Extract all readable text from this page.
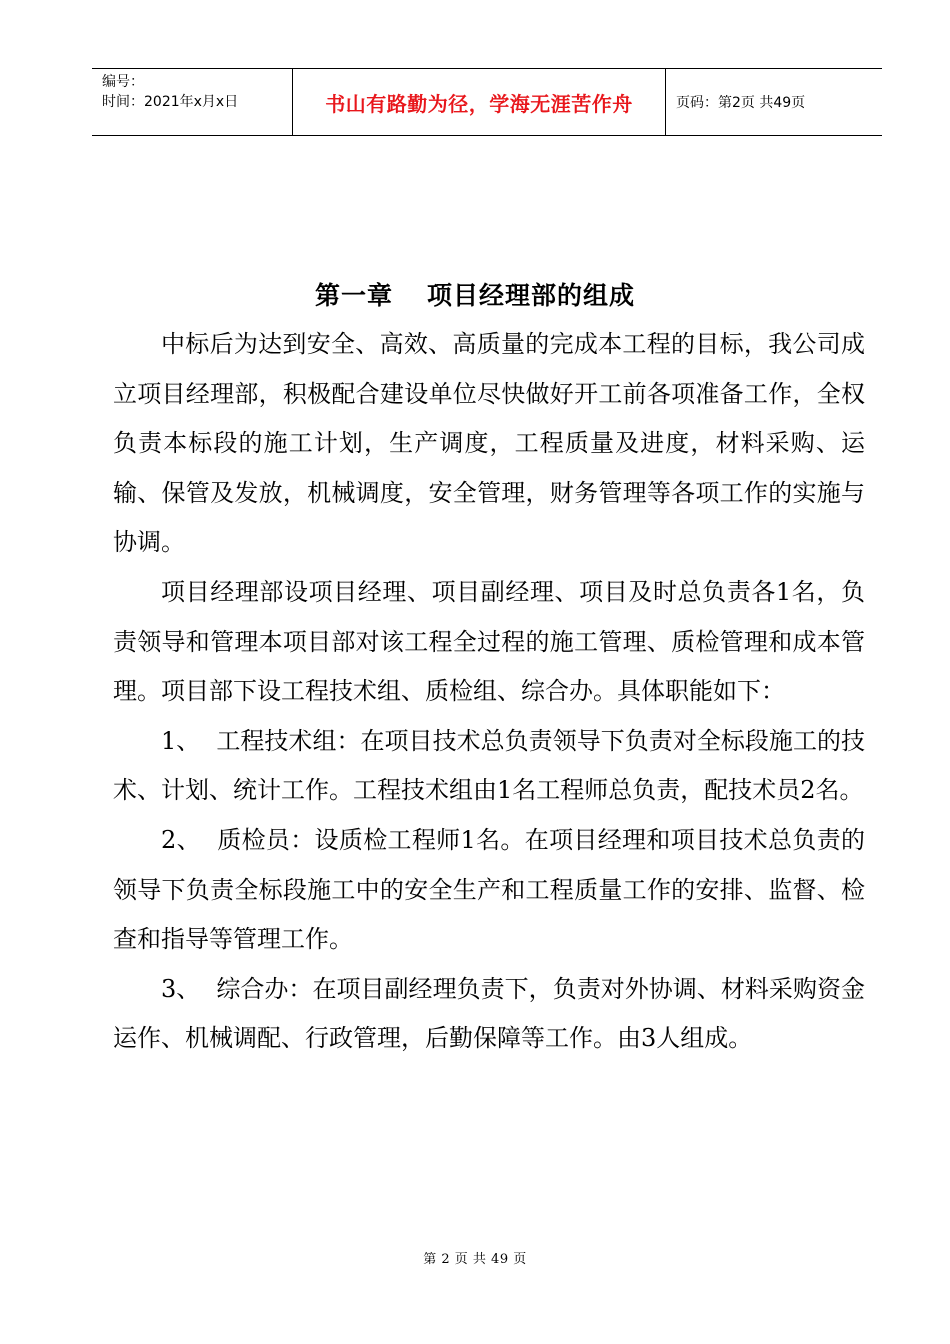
编号：
时间：2021年x月x日	书山有路勤为径，学海无涯苦作舟	页码：第2页 共49页
第一章 项目经理部的组成

中标后为达到安全、高效、高质量的完成本工程的目标，我公司成立项目经理部，积极配合建设单位尽快做好开工前各项准备工作，全权负责本标段的施工计划，生产调度，工程质量及进度，材料采购、运输、保管及发放，机械调度，安全管理，财务管理等各项工作的实施与协调。

项目经理部设项目经理、项目副经理、项目及时总负责各1名，负责领导和管理本项目部对该工程全过程的施工管理、质检管理和成本管理。项目部下设工程技术组、质检组、综合办。具体职能如下：

1、 工程技术组：在项目技术总负责领导下负责对全标段施工的技术、计划、统计工作。工程技术组由1名工程师总负责，配技术员2名。

2、 质检员：设质检工程师1名。在项目经理和项目技术总负责的领导下负责全标段施工中的安全生产和工程质量工作的安排、监督、检查和指导等管理工作。

3、 综合办：在项目副经理负责下，负责对外协调、材料采购资金运作、机械调配、行政管理，后勤保障等工作。由3人组成。

第 2 页 共 49 页
